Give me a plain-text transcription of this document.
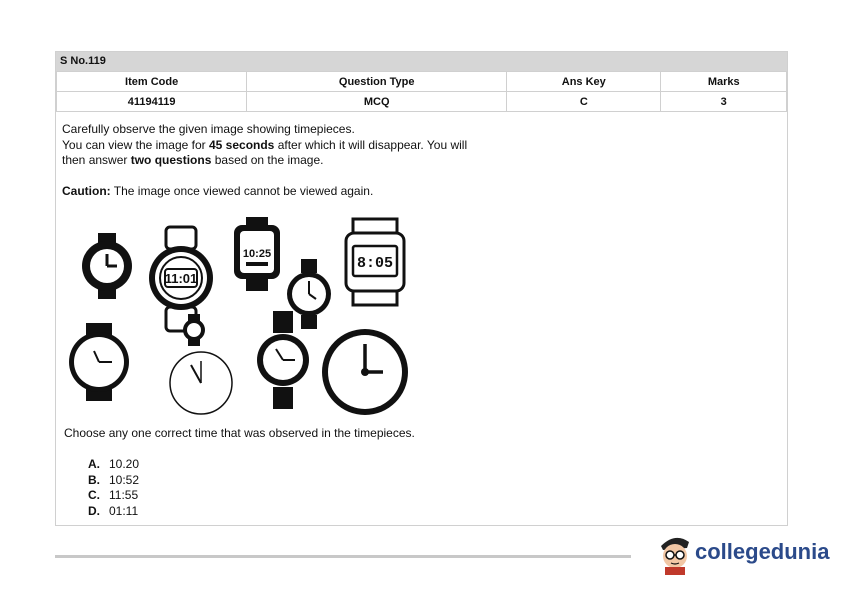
S No.119
Item Code	Question Type	Ans Key	Marks
41194119	MCQ	C	3

Carefully observe the given image showing timepieces.

You can view the image for 45 seconds after which it will disappear. You will

then answer two questions based on the image.

Caution: The image once viewed cannot be viewed again.

11:01
10:25
8:05
Choose any one correct time that was observed in the timepieces.
A. 10.20
B. 10:52
C. 11:55
D. 01:11
collegedunia
